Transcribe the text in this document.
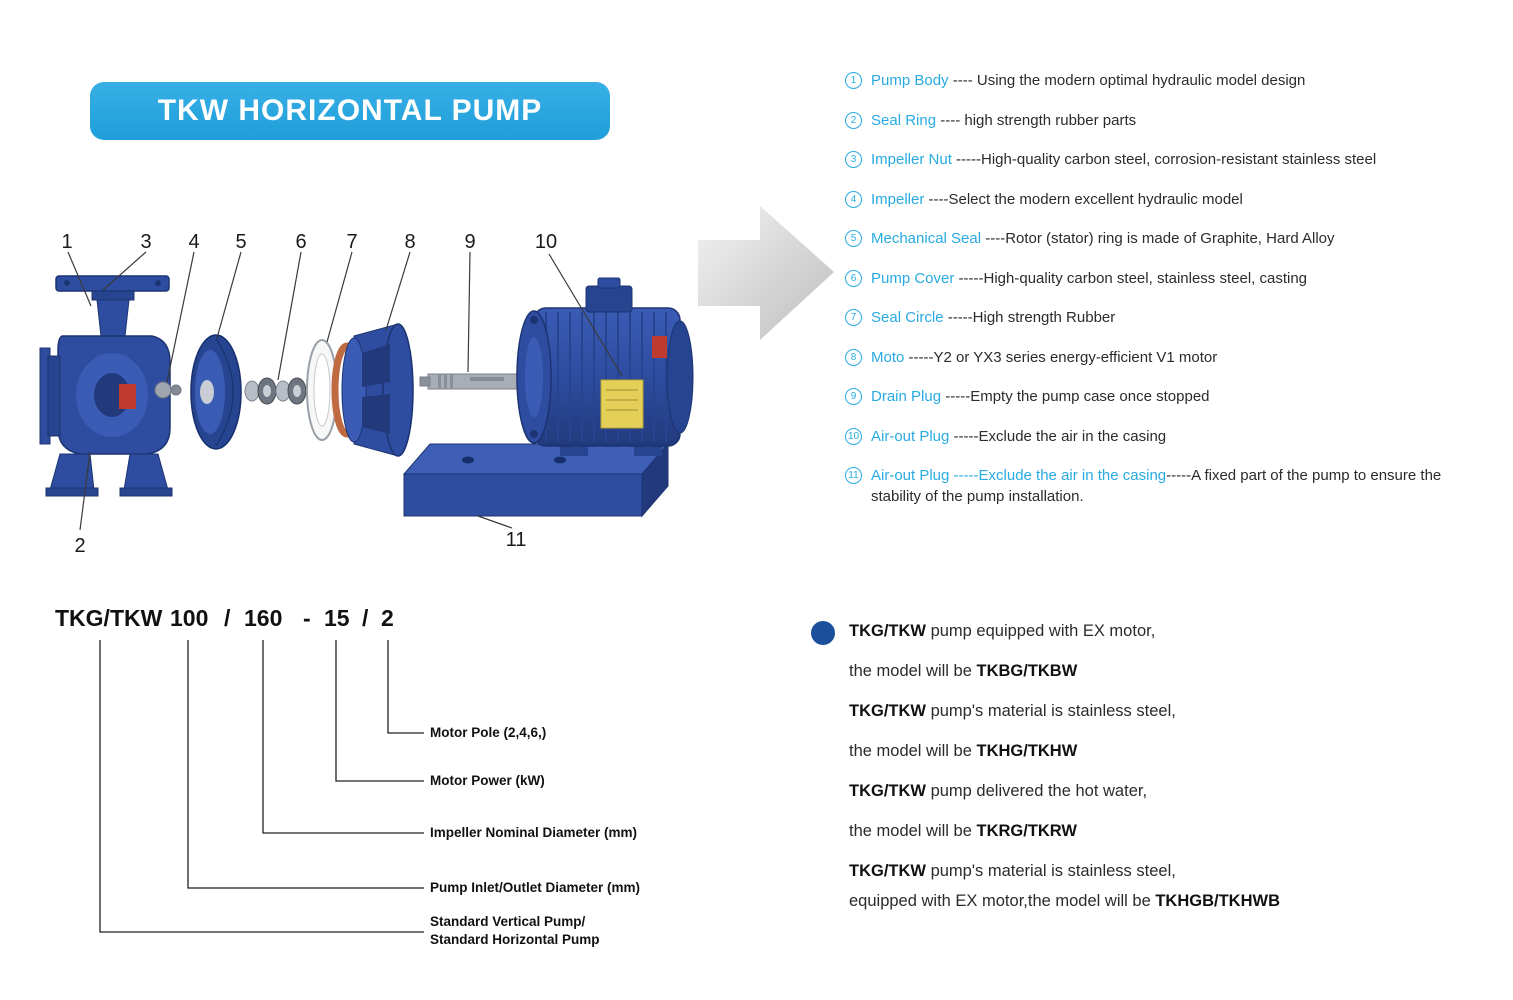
TKW HORIZONTAL PUMP
1	3 4 5 6 7 8 9	10
2	11
1 Pump Body ---- Using the modern optimal hydraulic model design
2 Seal Ring ---- high strength rubber parts
3 Impeller Nut -----High-quality carbon steel, corrosion-resistant stainless steel
4 Impeller ----Select the modern excellent hydraulic model
5 Mechanical Seal ----Rotor (stator) ring is made of Graphite, Hard Alloy
6 Pump Cover -----High-quality carbon steel, stainless steel, casting
7 Seal Circle -----High strength Rubber
8 Moto -----Y2 or YX3 series energy-efficient V1 motor
9 Drain Plug -----Empty the pump case once stopped
10 Air-out Plug -----Exclude the air in the casing
11 Air-out Plug -----Exclude the air in the casing-----A fixed part of the pump to ensure the stability of the pump installation.
TKG/TKW 100 / 160 - 15 / 2
Motor Pole (2,4,6,)
Motor Power (kW)
Impeller Nominal Diameter (mm)
Pump Inlet/Outlet Diameter (mm)
Standard Vertical Pump/
Standard Horizontal Pump
TKG/TKW pump equipped with EX motor,
the model will be TKBG/TKBW
TKG/TKW pump's material is stainless steel,
the model will be TKHG/TKHW
TKG/TKW pump delivered the hot water,
the model will be TKRG/TKRW
TKG/TKW pump's material is stainless steel,
equipped with EX motor,the model will be TKHGB/TKHWB
